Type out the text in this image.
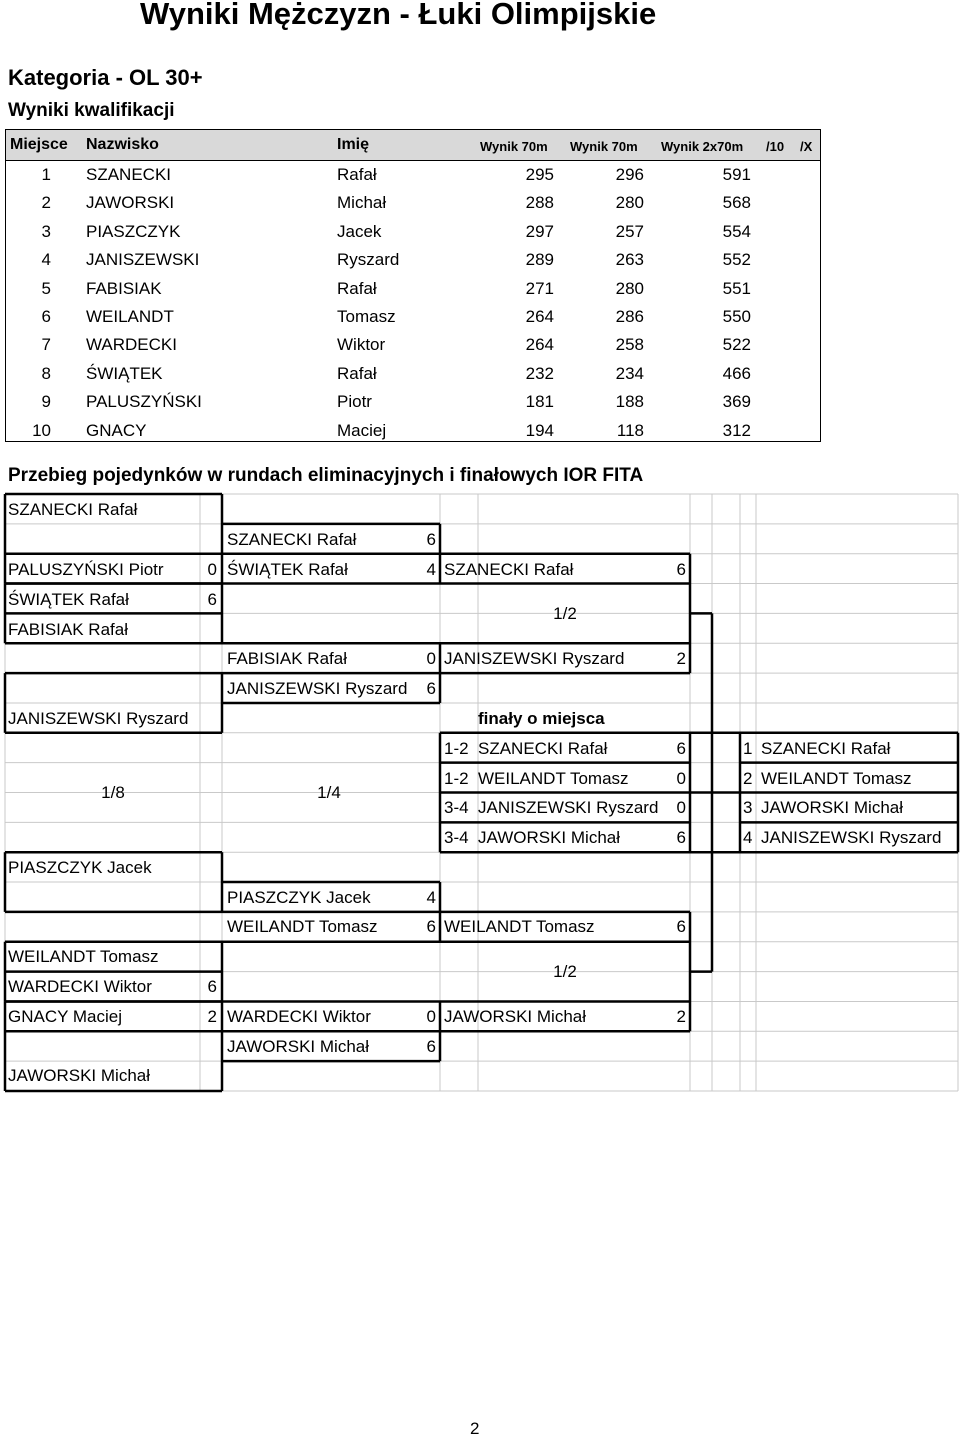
Wyniki Mężczyzn - Łuki Olimpijskie
Kategoria - OL 30+
Wyniki kwalifikacji
Miejsce Nazwisko	Imię	Wynik 70m Wynik 70m Wynik 2x70m /10 /X
1 SZANECKI	Rafał	295	296	591
2 JAWORSKI	Michał	288	280	568
3 PIASZCZYK	Jacek	297	257	554
4 JANISZEWSKI	Ryszard	289	263	552
5 FABISIAK	Rafał	271	280	551
6 WEILANDT	Tomasz	264	286	550
7 WARDECKI	Wiktor	264	258	522
8 ŚWIĄTEK	Rafał	232	234	466
9 PALUSZYŃSKI	Piotr	181	188	369
10 GNACY	Maciej	194	118	312
Przebieg pojedynków w rundach eliminacyjnych i finałowych IOR FITA
SZANECKI Rafał
PALUSZYŃSKI Piotr	0
ŚWIĄTEK Rafał	6
FABISIAK Rafał
JANISZEWSKI Ryszard
PIASZCZYK Jacek
WEILANDT Tomasz
WARDECKI Wiktor	6
GNACY Maciej	2
JAWORSKI Michał
SZANECKI Rafał	6
ŚWIĄTEK Rafał	4
FABISIAK Rafał	0
JANISZEWSKI Ryszard	6
PIASZCZYK Jacek	4
WEILANDT Tomasz	6
WARDECKI Wiktor	0
JAWORSKI Michał	6
SZANECKI Rafał	6
JANISZEWSKI Ryszard	2
WEILANDT Tomasz	6
JAWORSKI Michał	2
1/8	1/4
1/2
1/2
finały o miejsca
1-2 SZANECKI Rafał	6
1-2 WEILANDT Tomasz	0
3-4 JANISZEWSKI Ryszard	0
3-4 JAWORSKI Michał	6
1 SZANECKI Rafał
2 WEILANDT Tomasz
3 JAWORSKI Michał
4 JANISZEWSKI Ryszard
2
